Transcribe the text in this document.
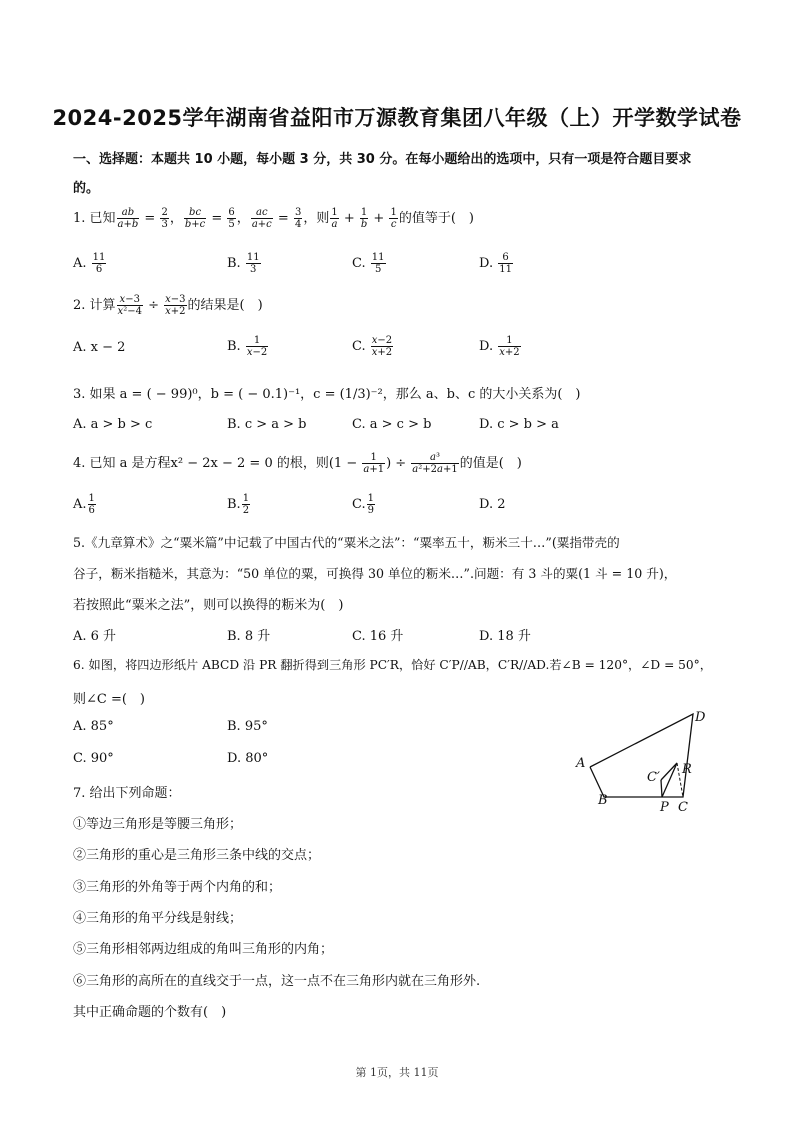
2024-2025学年湖南省益阳市万源教育集团八年级（上）开学数学试卷
一、选择题：本题共 10 小题，每小题 3 分，共 30 分。在每小题给出的选项中，只有一项是符合题目要求
的。
1. 已知 $\frac{ab}{a+b} = \frac{2}{3}$ ， $\frac{bc}{b+c} = \frac{6}{5}$ ， $\frac{ac}{a+c} = \frac{3}{4}$ ，则 $\frac{1}{a} + \frac{1}{b} + \frac{1}{c}$ 的值等于(　)
A. $\frac{11}{6}$	B. $\frac{11}{3}$	C. $\frac{11}{5}$	D. $\frac{6}{11}$
2. 计算 $\frac{x-3}{\text{x²−4}} \div \frac{x-3}{x+2}$ 的结果是(　)
A. x − 2	B. $\frac{1}{x-2}$	C. $\frac{x-2}{x+2}$	D. $\frac{1}{x+2}$
3. 如果 a = ( − 99)⁰，b = ( − 0.1)⁻¹，c = (1/3)⁻²，那么 a、b、c 的大小关系为(　)
A. a > b > c	B. c > a > b	C. a > c > b	D. c > b > a
4. 已知 a 是方程x² − 2x − 2 = 0 的根，则($1 - \frac{1}{a+1}$ ) ÷ $\frac{\text{a³}}{\text{a²+2a+1}}$ 的值是(　)
A. $\frac{1}{6}$	B. $\frac{1}{2}$	C. $\frac{1}{9}$	D. 2
5.《九章算术》之“粟米篇”中记载了中国古代的“粟米之法”：“粟率五十，粝米三十…”(粟指带壳的
谷子，粝米指糙米，其意为：“50 单位的粟，可换得 30 单位的粝米…”.问题：有 3 斗的粟(1 斗 = 10 升)，
若按照此“粟米之法”，则可以换得的粝米为(　)
A. 6 升	B. 8 升	C. 16 升	D. 18 升
6. 如图，将四边形纸片 ABCD 沿 PR 翻折得到三角形 PC′R，恰好 C′P//AB，C′R//AD.若∠B = 120°，∠D = 50°，
则∠C =(　)
A. 85°	B. 95°
C. 90°	D. 80°	A
B
C′
R
D
P C
7. 给出下列命题：
①等边三角形是等腰三角形；
②三角形的重心是三角形三条中线的交点；
③三角形的外角等于两个内角的和；
④三角形的角平分线是射线；
⑤三角形相邻两边组成的角叫三角形的内角；
⑥三角形的高所在的直线交于一点，这一点不在三角形内就在三角形外.
其中正确命题的个数有(　)
第 1页，共 11页
